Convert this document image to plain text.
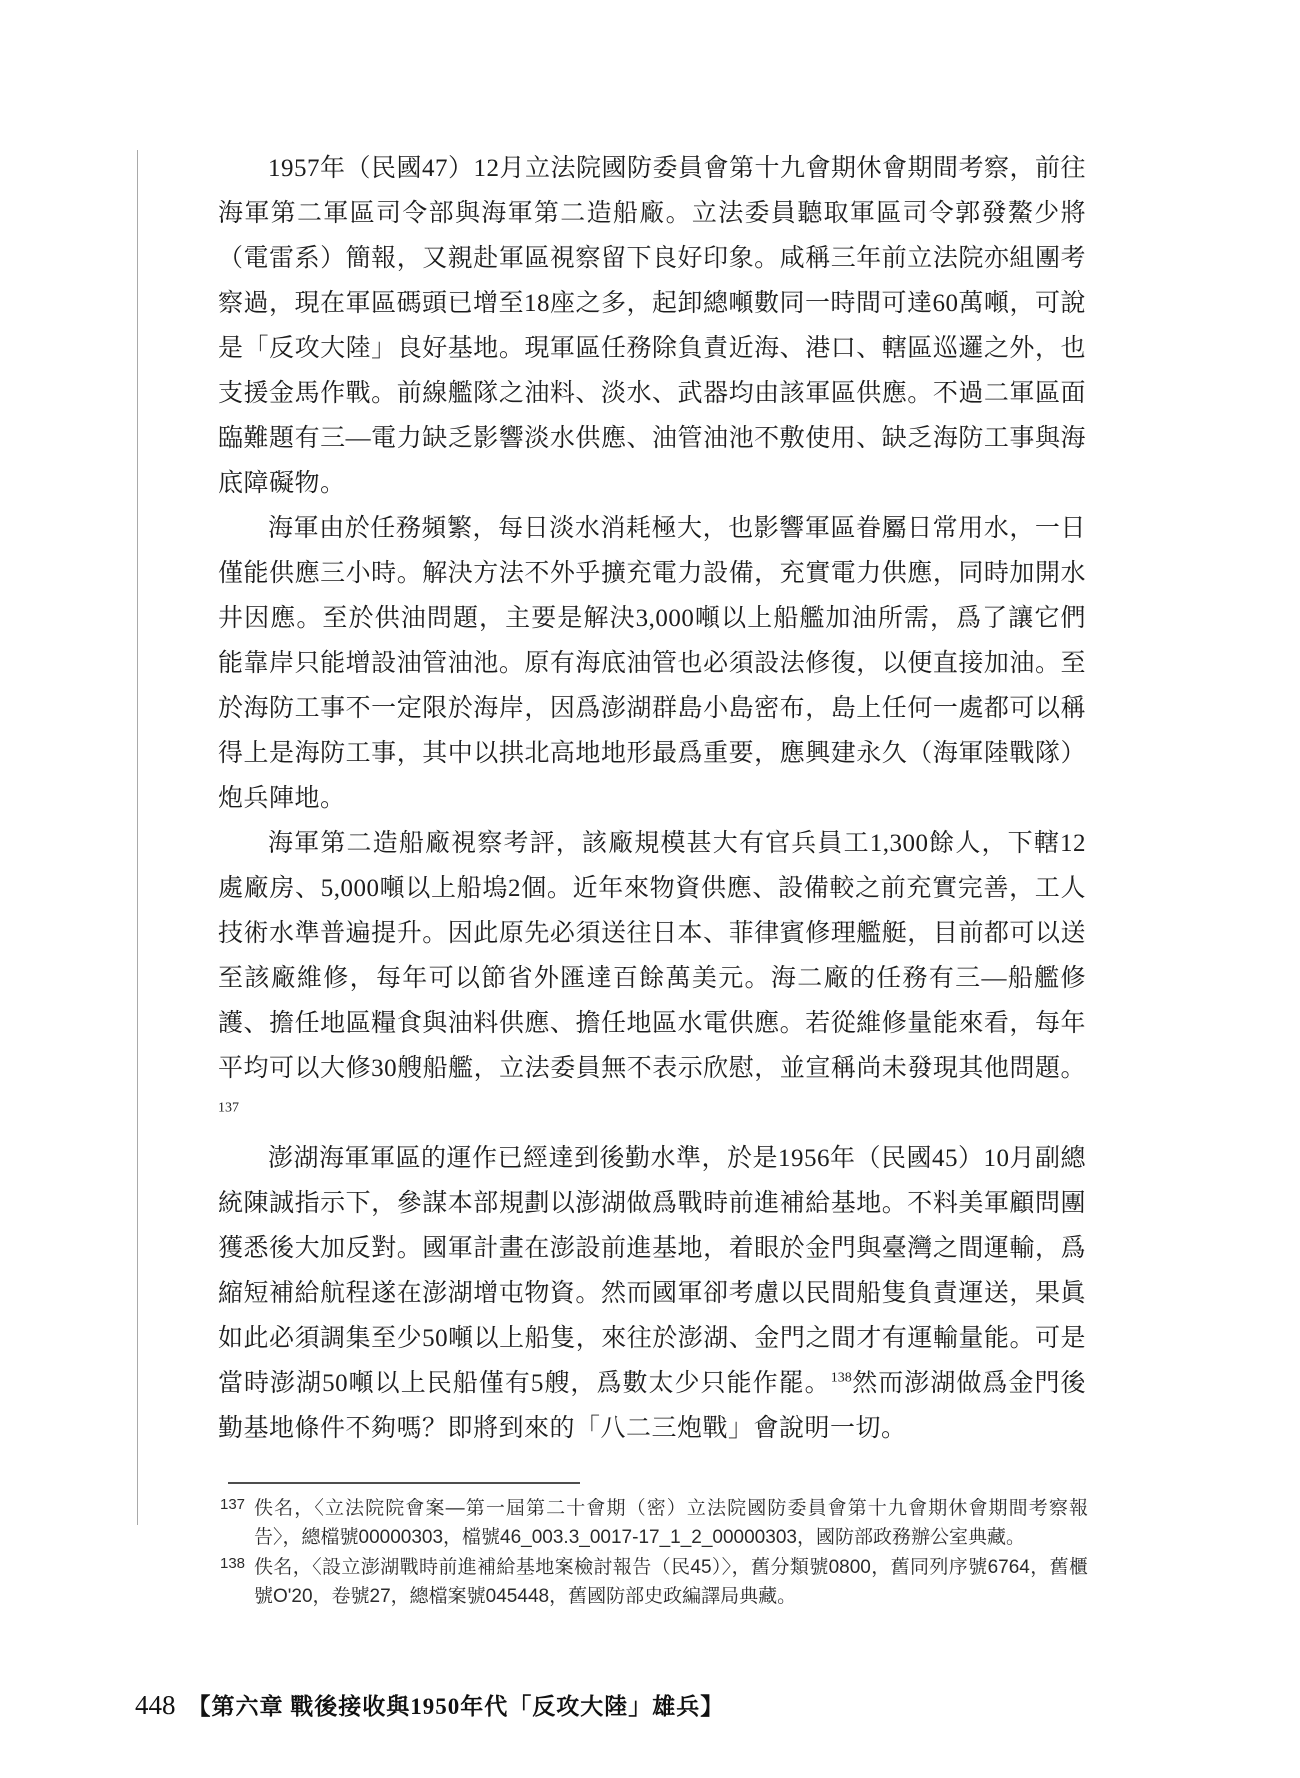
1957年（民國47）12月立法院國防委員會第十九會期休會期間考察，前往海軍第二軍區司令部與海軍第二造船廠。立法委員聽取軍區司令郭發鰲少將（電雷系）簡報，又親赴軍區視察留下良好印象。咸稱三年前立法院亦組團考察過，現在軍區碼頭已增至18座之多，起卸總噸數同一時間可達60萬噸，可說是「反攻大陸」良好基地。現軍區任務除負責近海、港口、轄區巡邏之外，也支援金馬作戰。前線艦隊之油料、淡水、武器均由該軍區供應。不過二軍區面臨難題有三—電力缺乏影響淡水供應、油管油池不敷使用、缺乏海防工事與海底障礙物。

海軍由於任務頻繁，每日淡水消耗極大，也影響軍區眷屬日常用水，一日僅能供應三小時。解決方法不外乎擴充電力設備，充實電力供應，同時加開水井因應。至於供油問題，主要是解決3,000噸以上船艦加油所需，爲了讓它們能靠岸只能增設油管油池。原有海底油管也必須設法修復，以便直接加油。至於海防工事不一定限於海岸，因爲澎湖群島小島密布，島上任何一處都可以稱得上是海防工事，其中以拱北高地地形最爲重要，應興建永久（海軍陸戰隊）炮兵陣地。

海軍第二造船廠視察考評，該廠規模甚大有官兵員工1,300餘人，下轄12處廠房、5,000噸以上船塢2個。近年來物資供應、設備較之前充實完善，工人技術水準普遍提升。因此原先必須送往日本、菲律賓修理艦艇，目前都可以送至該廠維修，每年可以節省外匯達百餘萬美元。海二廠的任務有三—船艦修護、擔任地區糧食與油料供應、擔任地區水電供應。若從維修量能來看，每年平均可以大修30艘船艦，立法委員無不表示欣慰，並宣稱尚未發現其他問題。$^{137}$

澎湖海軍軍區的運作已經達到後勤水準，於是1956年（民國45）10月副總統陳誠指示下，參謀本部規劃以澎湖做爲戰時前進補給基地。不料美軍顧問團獲悉後大加反對。國軍計畫在澎設前進基地，着眼於金門與臺灣之間運輸，爲縮短補給航程遂在澎湖增屯物資。然而國軍卻考慮以民間船隻負責運送，果眞如此必須調集至少50噸以上船隻，來往於澎湖、金門之間才有運輸量能。可是當時澎湖50噸以上民船僅有5艘，爲數太少只能作罷。$^{138}$然而澎湖做爲金門後勤基地條件不夠嗎？即將到來的「八二三炮戰」會說明一切。

137 佚名，〈立法院院會案—第一屆第二十會期（密）立法院國防委員會第十九會期休會期間考察報告〉，總檔號00000303，檔號46_003.3_0017-17_1_2_00000303，國防部政務辦公室典藏。
138 佚名，〈設立澎湖戰時前進補給基地案檢討報告（民45）〉，舊分類號0800，舊同列序號6764，舊櫃號O'20，卷號27，總檔案號045448，舊國防部史政編譯局典藏。
448 【第六章 戰後接收與1950年代「反攻大陸」雄兵】
